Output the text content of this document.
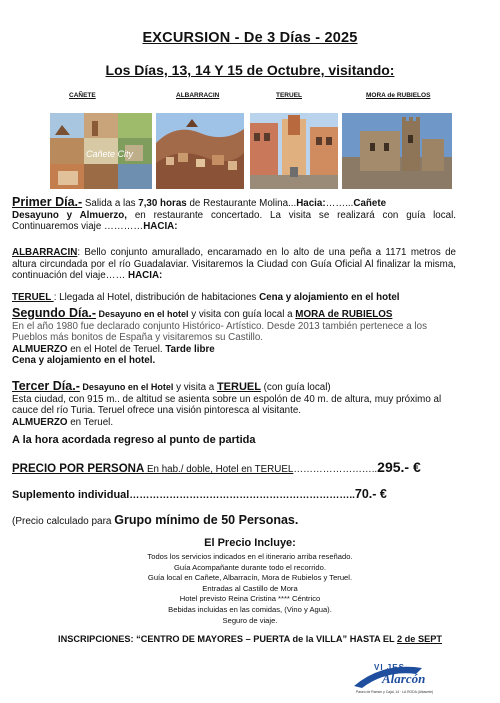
EXCURSION - De 3 Días - 2025
Los Días, 13, 14 Y 15 de Octubre, visitando:
CAÑETE	ALBARRACIN	TERUEL	MORA de RUBIELOS
Cañete City
Primer Día.- Salida a las 7,30 horas de Restaurante Molina...Hacia:……...Cañete
Desayuno y Almuerzo, en restaurante concertado. La visita se realizará con guía local. Continuaremos viaje …………HACIA:
ALBARRACIN: Bello conjunto amurallado, encaramado en lo alto de una peña a 1171 metros de altura circundada por el río Guadalaviar. Visitaremos la Ciudad con Guía Oficial Al finalizar la misma, continuación del viaje…… HACIA:
TERUEL : Llegada al Hotel, distribución de habitaciones Cena y alojamiento en el hotel
Segundo Día.- Desayuno en el hotel y visita con guía local a MORA de RUBIELOS
En el año 1980 fue declarado conjunto Histórico- Artístico. Desde 2013 también pertenece a los Pueblos más bonitos de España y visitaremos su Castillo.
ALMUERZO en el Hotel de Teruel. Tarde libre
Cena y alojamiento en el hotel.
Tercer Día.- Desayuno en el Hotel y visita a TERUEL (con guía local)
Esta ciudad, con 915 m.. de altitud se asienta sobre un espolón de 40 m. de altura, muy próximo al cauce del río Turia. Teruel ofrece una visión pintoresca al visitante.
ALMUERZO en Teruel.
A la hora acordada regreso al punto de partida
PRECIO POR PERSONA En hab./ doble, Hotel en TERUEL……………………..295.- €
Suplemento individual…………………………………………………………..70.- €
(Precio calculado para Grupo mínimo de 50 Personas.
El Precio Incluye:
Todos los servicios indicados en el itinerario arriba reseñado.
Guía Acompañante durante todo el recorrido.
Guía local en Cañete, Albarracín, Mora de Rubielos y Teruel.
Entradas al Castillo de Mora
Hotel previsto Reina Cristina **** Céntrico
Bebidas incluidas en las comidas, (Vino y Agua).
Seguro de viaje.
INSCRIPCIONES: “CENTRO DE MAYORES – PUERTA de la VILLA” HASTA EL 2 de SEPT
VI JES
Alarcón
Paseo de Ramón y Cajal, 14 · LA RODA (Albacete)
